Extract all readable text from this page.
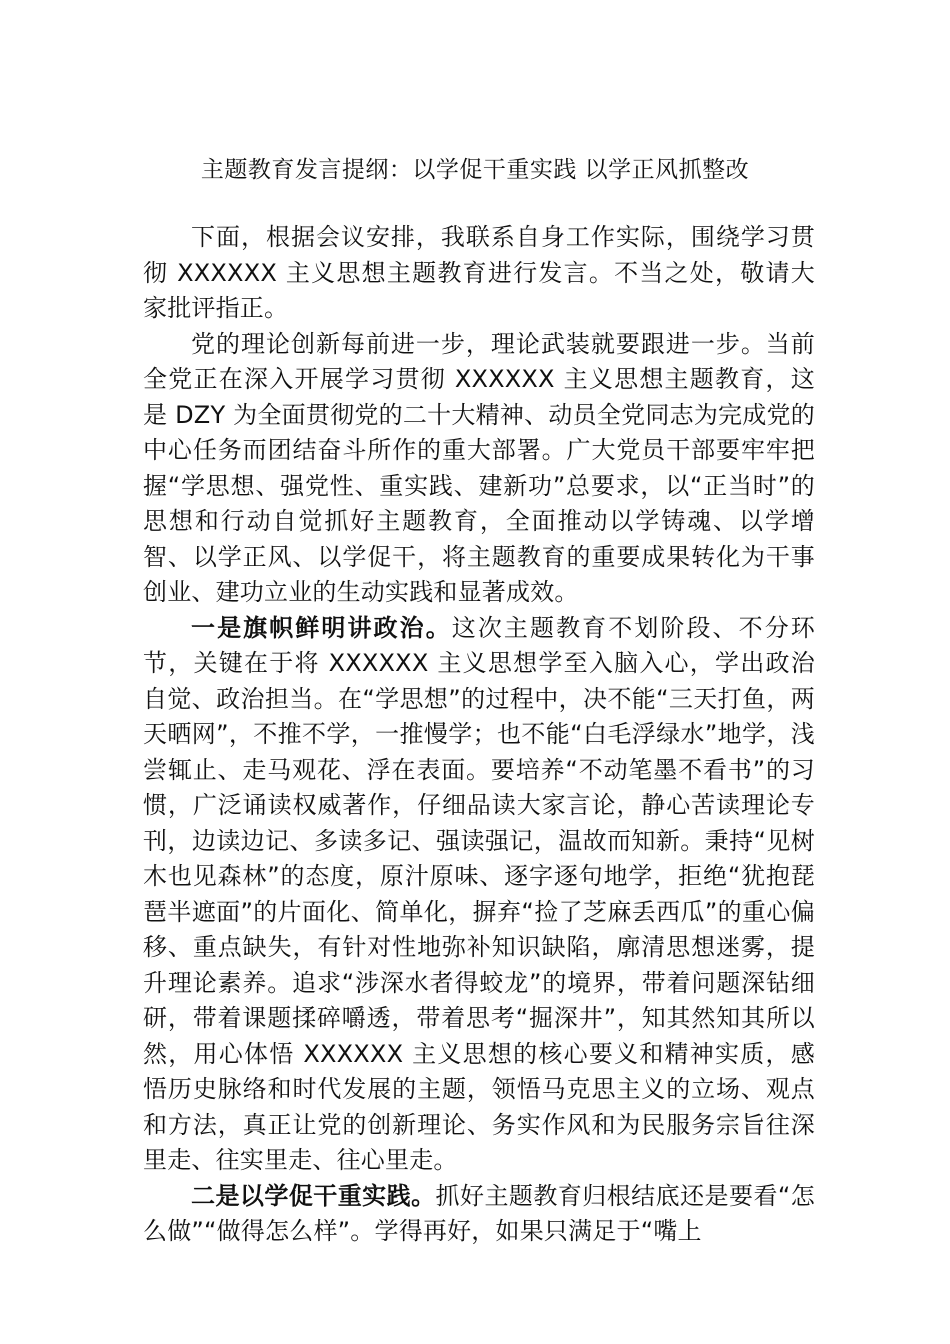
主题教育发言提纲：以学促干重实践 以学正风抓整改

下面，根据会议安排，我联系自身工作实际，围绕学习贯彻 XXXXXX 主义思想主题教育进行发言。不当之处，敬请大家批评指正。

党的理论创新每前进一步，理论武装就要跟进一步。当前全党正在深入开展学习贯彻 XXXXXX 主义思想主题教育，这是 DZY 为全面贯彻党的二十大精神、动员全党同志为完成党的中心任务而团结奋斗所作的重大部署。广大党员干部要牢牢把握“学思想、强党性、重实践、建新功”总要求，以“正当时”的思想和行动自觉抓好主题教育，全面推动以学铸魂、以学增智、以学正风、以学促干，将主题教育的重要成果转化为干事创业、建功立业的生动实践和显著成效。

一是旗帜鲜明讲政治。这次主题教育不划阶段、不分环节，关键在于将 XXXXXX 主义思想学至入脑入心，学出政治自觉、政治担当。在“学思想”的过程中，决不能“三天打鱼，两天晒网”，不推不学，一推慢学；也不能“白毛浮绿水”地学，浅尝辄止、走马观花、浮在表面。要培养“不动笔墨不看书”的习惯，广泛诵读权威著作，仔细品读大家言论，静心苦读理论专刊，边读边记、多读多记、强读强记，温故而知新。秉持“见树木也见森林”的态度，原汁原味、逐字逐句地学，拒绝“犹抱琵琶半遮面”的片面化、简单化，摒弃“捡了芝麻丢西瓜”的重心偏移、重点缺失，有针对性地弥补知识缺陷，廓清思想迷雾，提升理论素养。追求“涉深水者得蛟龙”的境界，带着问题深钻细研，带着课题揉碎嚼透，带着思考“掘深井”，知其然知其所以然，用心体悟 XXXXXX 主义思想的核心要义和精神实质，感悟历史脉络和时代发展的主题，领悟马克思主义的立场、观点和方法，真正让党的创新理论、务实作风和为民服务宗旨往深里走、往实里走、往心里走。

二是以学促干重实践。抓好主题教育归根结底还是要看“怎么做”“做得怎么样”。学得再好，如果只满足于“嘴上
